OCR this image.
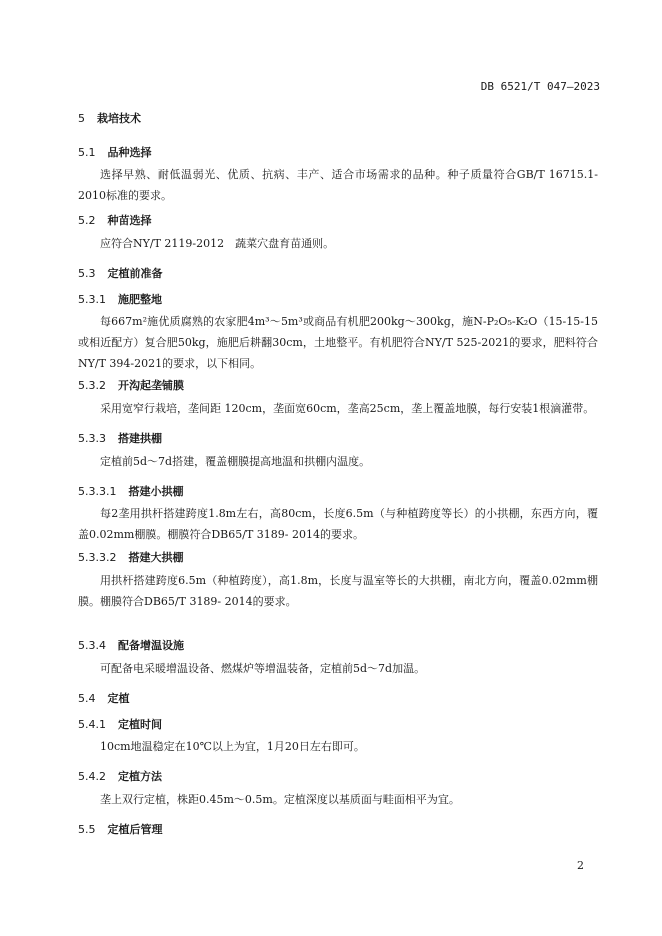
DB 6521/T 047—2023
5 栽培技术
5.1 品种选择
选择早熟、耐低温弱光、优质、抗病、丰产、适合市场需求的品种。种子质量符合GB/T 16715.1-2010标准的要求。
5.2 种苗选择
应符合NY/T 2119-2012　蔬菜穴盘育苗通则。
5.3 定植前准备
5.3.1 施肥整地
每667m²施优质腐熟的农家肥4m³～5m³或商品有机肥200kg～300kg，施N-P₂O₅-K₂O（15-15-15或相近配方）复合肥50kg，施肥后耕翻30cm，土地整平。有机肥符合NY/T 525-2021的要求，肥料符合NY/T 394-2021的要求，以下相同。
5.3.2 开沟起垄铺膜
采用宽窄行栽培，垄间距 120cm，垄面宽60cm，垄高25cm，垄上覆盖地膜，每行安装1根滴灌带。
5.3.3 搭建拱棚
定植前5d～7d搭建，覆盖棚膜提高地温和拱棚内温度。
5.3.3.1 搭建小拱棚
每2垄用拱杆搭建跨度1.8m左右，高80cm，长度6.5m（与种植跨度等长）的小拱棚，东西方向，覆盖0.02mm棚膜。棚膜符合DB65/T 3189- 2014的要求。
5.3.3.2 搭建大拱棚
用拱杆搭建跨度6.5m（种植跨度），高1.8m，长度与温室等长的大拱棚，南北方向，覆盖0.02mm棚膜。棚膜符合DB65/T 3189- 2014的要求。
5.3.4 配备增温设施
可配备电采暖增温设备、燃煤炉等增温装备，定植前5d～7d加温。
5.4 定植
5.4.1 定植时间
10cm地温稳定在10℃以上为宜，1月20日左右即可。
5.4.2 定植方法
垄上双行定植，株距0.45m～0.5m。定植深度以基质面与畦面相平为宜。
5.5 定植后管理
2
